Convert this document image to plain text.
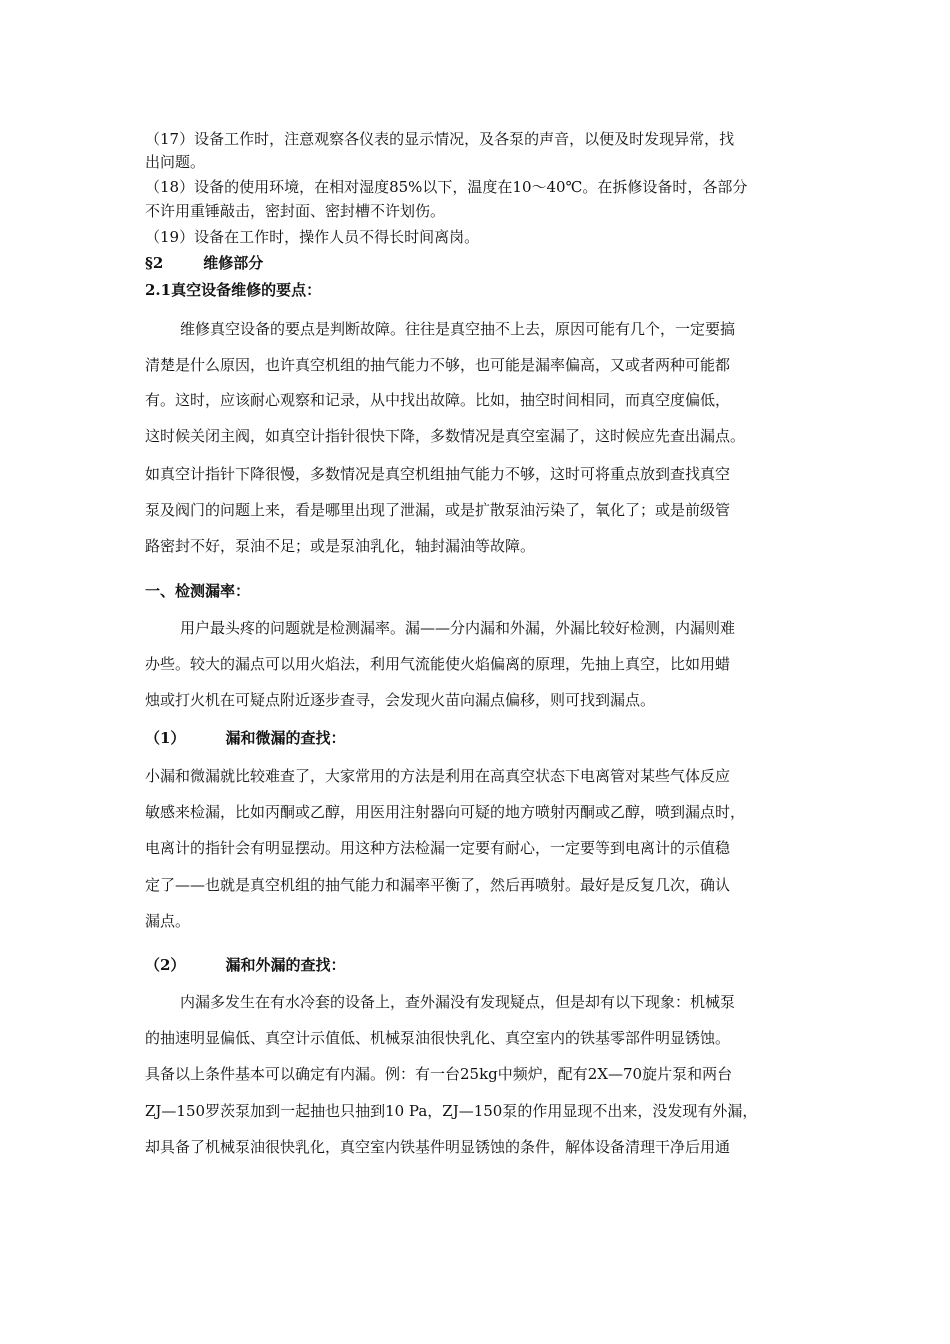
（17）设备工作时，注意观察各仪表的显示情况，及各泵的声音，以便及时发现异常，找
出问题。
（18）设备的使用环境，在相对湿度85%以下，温度在10～40℃。在拆修设备时，各部分
不许用重锤敲击，密封面、密封槽不许划伤。
（19）设备在工作时，操作人员不得长时间离岗。
§2	维修部分
2.1真空设备维修的要点：
维修真空设备的要点是判断故障。往往是真空抽不上去，原因可能有几个，一定要搞
清楚是什么原因，也许真空机组的抽气能力不够，也可能是漏率偏高，又或者两种可能都
有。这时，应该耐心观察和记录，从中找出故障。比如，抽空时间相同，而真空度偏低，
这时候关闭主阀，如真空计指针很快下降，多数情况是真空室漏了，这时候应先查出漏点。
如真空计指针下降很慢，多数情况是真空机组抽气能力不够，这时可将重点放到查找真空
泵及阀门的问题上来，看是哪里出现了泄漏，或是扩散泵油污染了，氧化了；或是前级管
路密封不好，泵油不足；或是泵油乳化，轴封漏油等故障。
一、检测漏率：
用户最头疼的问题就是检测漏率。漏——分内漏和外漏，外漏比较好检测，内漏则难
办些。较大的漏点可以用火焰法，利用气流能使火焰偏离的原理，先抽上真空，比如用蜡
烛或打火机在可疑点附近逐步查寻，会发现火苗向漏点偏移，则可找到漏点。
（1）	漏和微漏的查找：
小漏和微漏就比较难查了，大家常用的方法是利用在高真空状态下电离管对某些气体反应
敏感来检漏，比如丙酮或乙醇，用医用注射器向可疑的地方喷射丙酮或乙醇，喷到漏点时，
电离计的指针会有明显摆动。用这种方法检漏一定要有耐心，一定要等到电离计的示值稳
定了——也就是真空机组的抽气能力和漏率平衡了，然后再喷射。最好是反复几次，确认
漏点。
（2）	漏和外漏的查找：
内漏多发生在有水冷套的设备上，查外漏没有发现疑点，但是却有以下现象：机械泵
的抽速明显偏低、真空计示值低、机械泵油很快乳化、真空室内的铁基零部件明显锈蚀。
具备以上条件基本可以确定有内漏。例：有一台25kg中频炉，配有2X—70旋片泵和两台
ZJ—150罗茨泵加到一起抽也只抽到10 Pa，ZJ—150泵的作用显现不出来，没发现有外漏，
却具备了机械泵油很快乳化，真空室内铁基件明显锈蚀的条件，解体设备清理干净后用通
